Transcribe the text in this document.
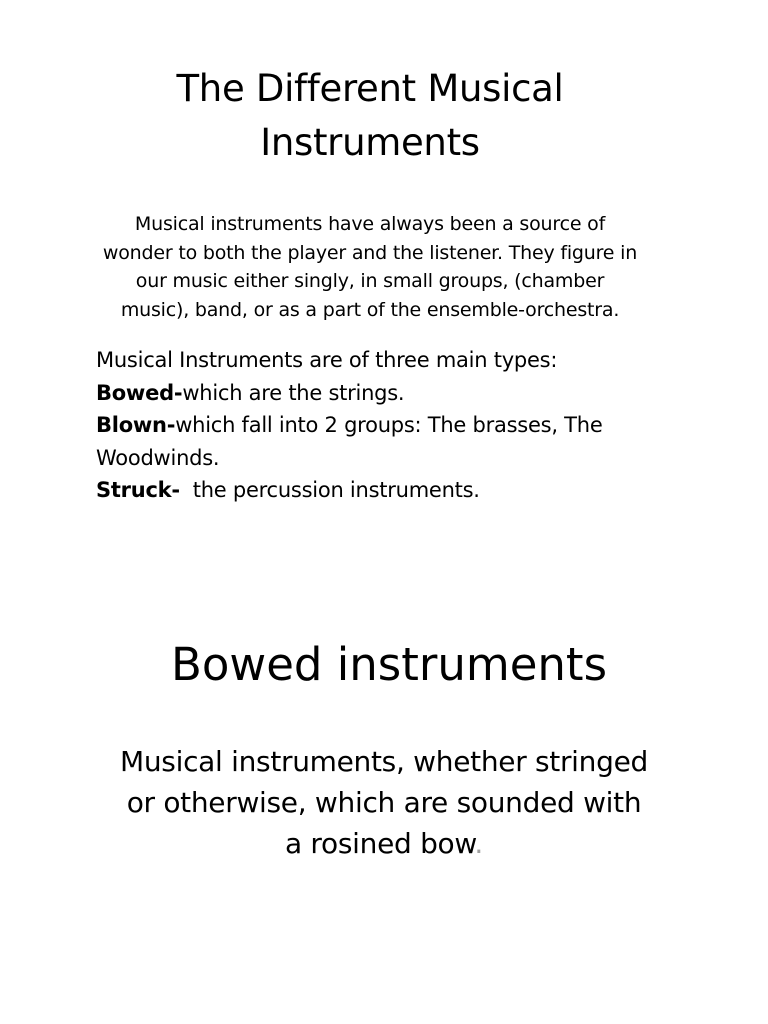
The Different Musical Instruments

Musical instruments have always been a source of wonder to both the player and the listener. They figure in our music either singly, in small groups, (chamber music), band, or as a part of the ensemble-orchestra.

Musical Instruments are of three main types:
Bowed-which are the strings.
Blown-which fall into 2 groups: The brasses, The Woodwinds.
Struck- the percussion instruments.
Bowed instruments

Musical instruments, whether stringed or otherwise, which are sounded with a rosined bow.
